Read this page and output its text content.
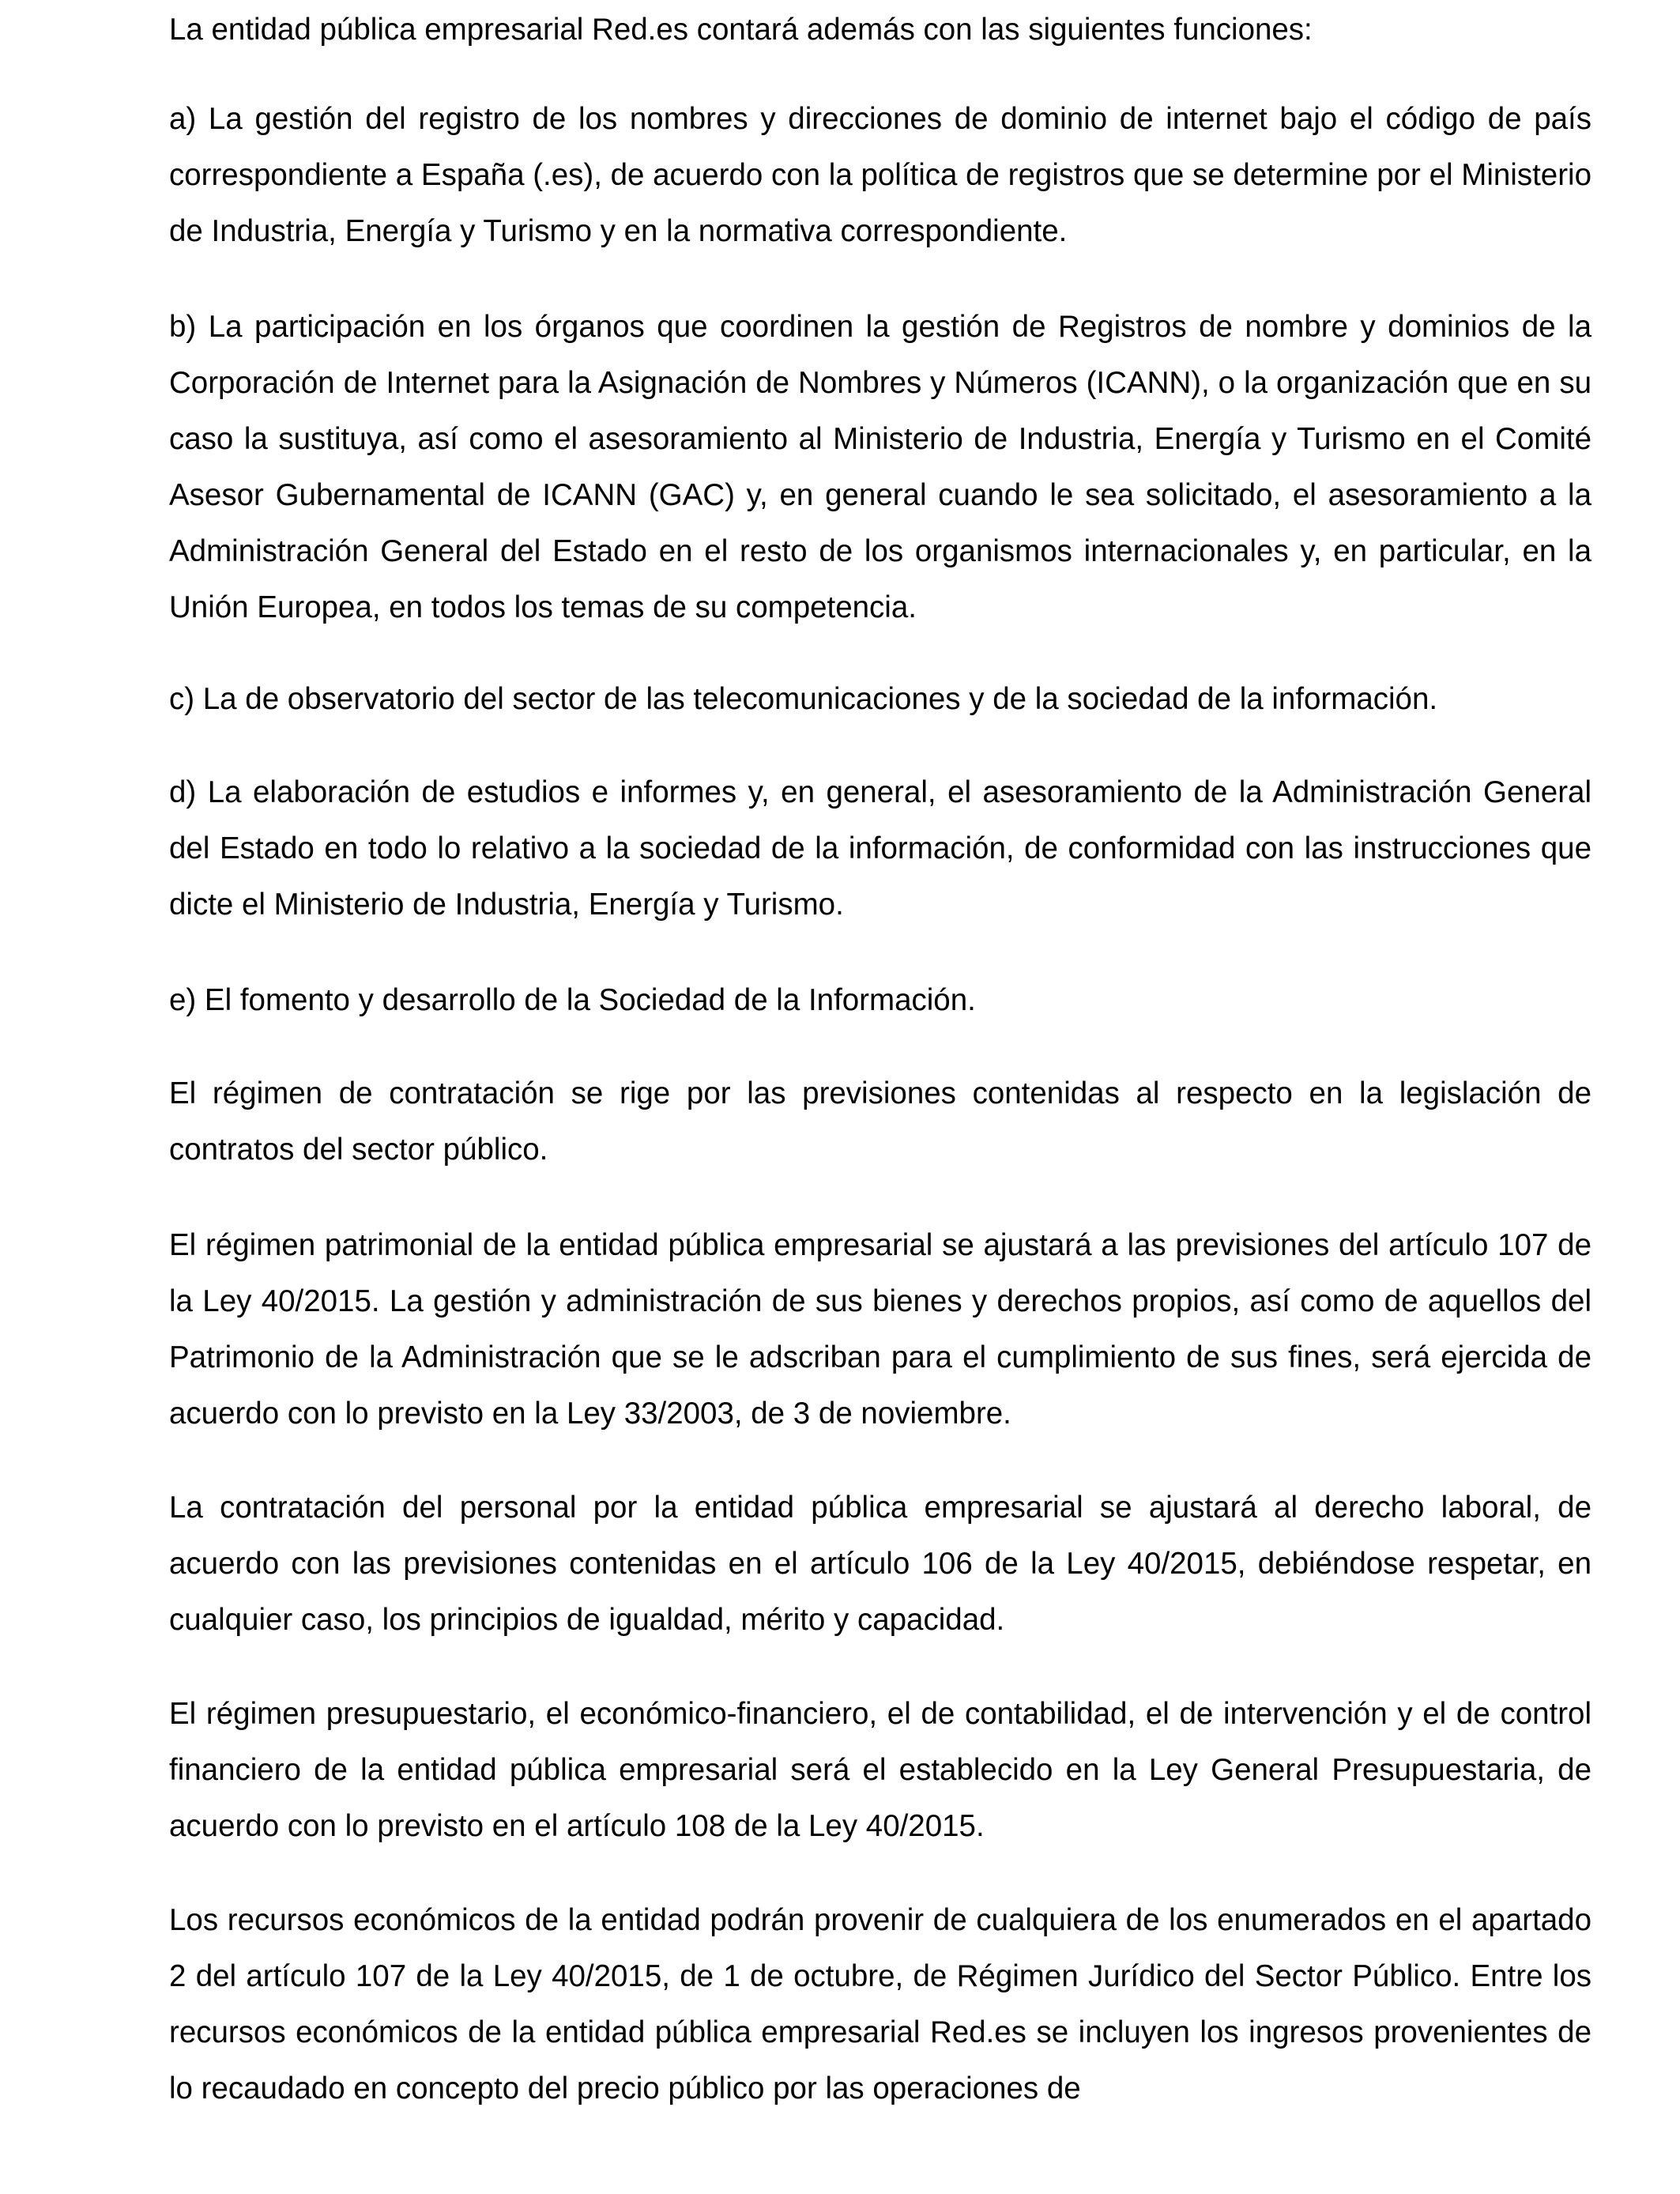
La entidad pública empresarial Red.es contará además con las siguientes funciones:

a) La gestión del registro de los nombres y direcciones de dominio de internet bajo el código de país correspondiente a España (.es), de acuerdo con la política de registros que se determine por el Ministerio de Industria, Energía y Turismo y en la normativa correspondiente.

b) La participación en los órganos que coordinen la gestión de Registros de nombre y dominios de la Corporación de Internet para la Asignación de Nombres y Números (ICANN), o la organización que en su caso la sustituya, así como el asesoramiento al Ministerio de Industria, Energía y Turismo en el Comité Asesor Gubernamental de ICANN (GAC) y, en general cuando le sea solicitado, el asesoramiento a la Administración General del Estado en el resto de los organismos internacionales y, en particular, en la Unión Europea, en todos los temas de su competencia.

c) La de observatorio del sector de las telecomunicaciones y de la sociedad de la información.

d) La elaboración de estudios e informes y, en general, el asesoramiento de la Administración General del Estado en todo lo relativo a la sociedad de la información, de conformidad con las instrucciones que dicte el Ministerio de Industria, Energía y Turismo.

e) El fomento y desarrollo de la Sociedad de la Información.

El régimen de contratación se rige por las previsiones contenidas al respecto en la legislación de contratos del sector público.

El régimen patrimonial de la entidad pública empresarial se ajustará a las previsiones del artículo 107 de la Ley 40/2015. La gestión y administración de sus bienes y derechos propios, así como de aquellos del Patrimonio de la Administración que se le adscriban para el cumplimiento de sus fines, será ejercida de acuerdo con lo previsto en la Ley 33/2003, de 3 de noviembre.

La contratación del personal por la entidad pública empresarial se ajustará al derecho laboral, de acuerdo con las previsiones contenidas en el artículo 106 de la Ley 40/2015, debiéndose respetar, en cualquier caso, los principios de igualdad, mérito y capacidad.

El régimen presupuestario, el económico-financiero, el de contabilidad, el de intervención y el de control financiero de la entidad pública empresarial será el establecido en la Ley General Presupuestaria, de acuerdo con lo previsto en el artículo 108 de la Ley 40/2015.

Los recursos económicos de la entidad podrán provenir de cualquiera de los enumerados en el apartado 2 del artículo 107 de la Ley 40/2015, de 1 de octubre, de Régimen Jurídico del Sector Público. Entre los recursos económicos de la entidad pública empresarial Red.es se incluyen los ingresos provenientes de lo recaudado en concepto del precio público por las operaciones de
